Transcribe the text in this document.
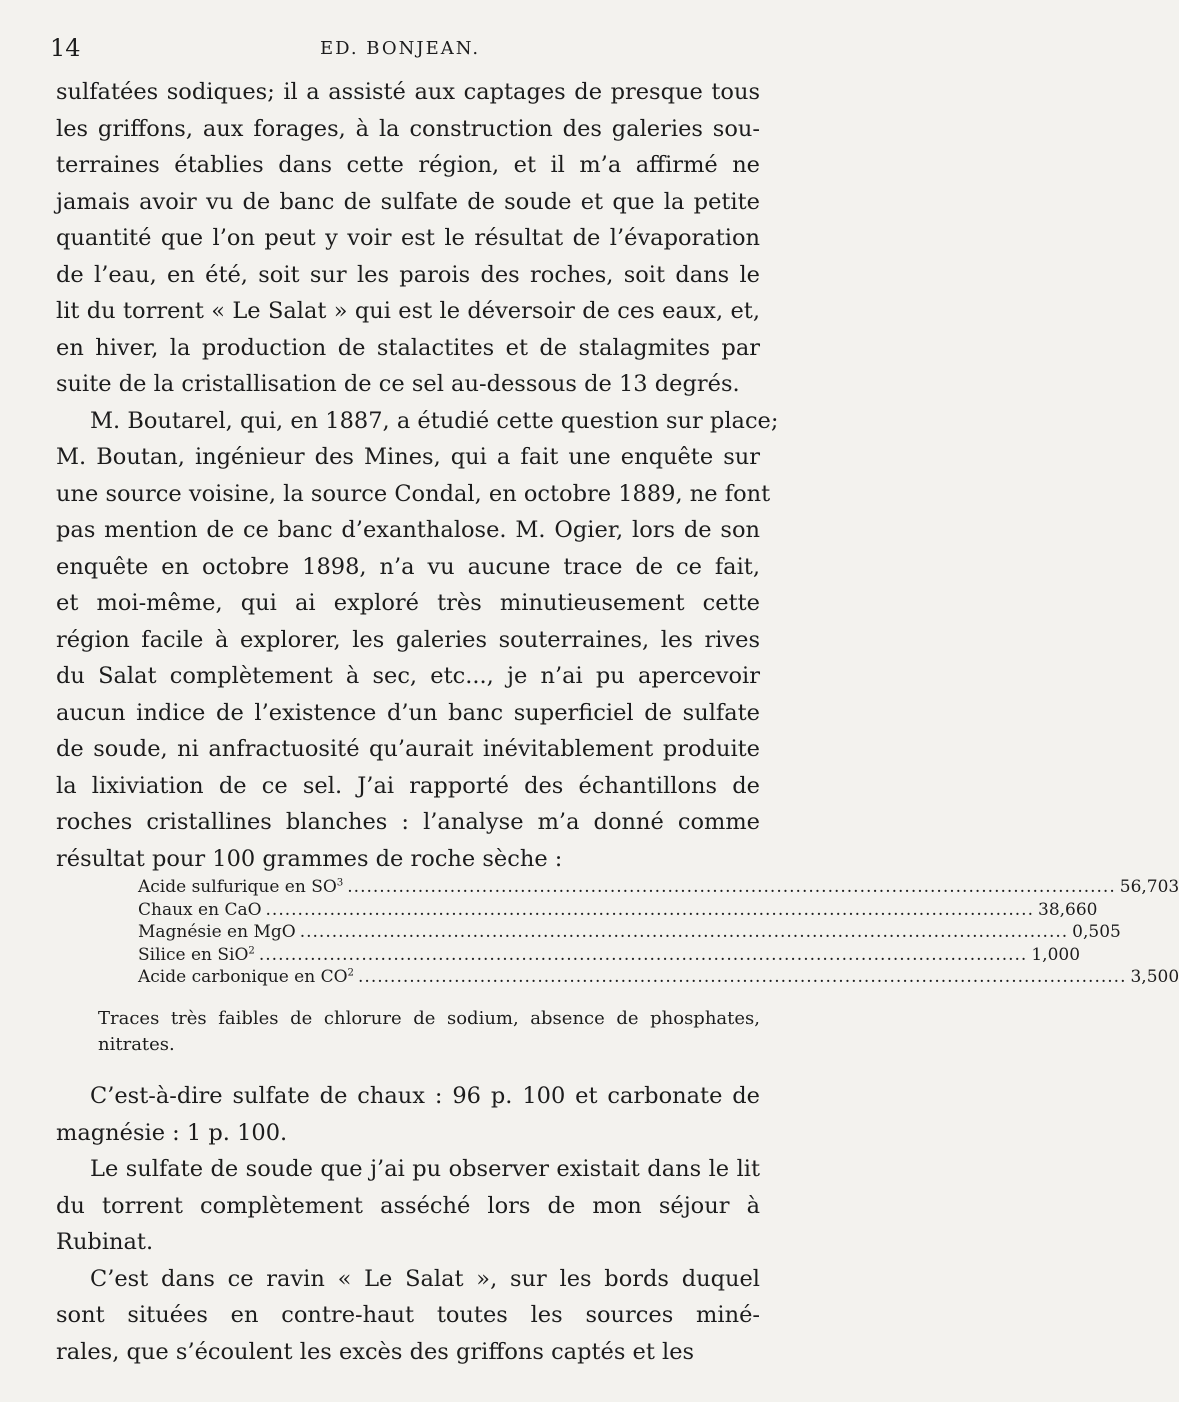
14	ED. BONJEAN.
sulfatées sodiques; il a assisté aux captages de presque tous
les griffons, aux forages, à la construction des galeries sou-
terraines établies dans cette région, et il m’a affirmé ne
jamais avoir vu de banc de sulfate de soude et que la petite
quantité que l’on peut y voir est le résultat de l’évaporation
de l’eau, en été, soit sur les parois des roches, soit dans le
lit du torrent « Le Salat » qui est le déversoir de ces eaux, et,
en hiver, la production de stalactites et de stalagmites par
suite de la cristallisation de ce sel au-dessous de 13 degrés.
M. Boutarel, qui, en 1887, a étudié cette question sur place;
M. Boutan, ingénieur des Mines, qui a fait une enquête sur
une source voisine, la source Condal, en octobre 1889, ne font
pas mention de ce banc d’exanthalose. M. Ogier, lors de son
enquête en octobre 1898, n’a vu aucune trace de ce fait,
et moi-même, qui ai exploré très minutieusement cette
région facile à explorer, les galeries souterraines, les rives
du Salat complètement à sec, etc..., je n’ai pu apercevoir
aucun indice de l’existence d’un banc superficiel de sulfate
de soude, ni anfractuosité qu’aurait inévitablement produite
la lixiviation de ce sel. J’ai rapporté des échantillons de
roches cristallines blanches : l’analyse m’a donné comme
résultat pour 100 grammes de roche sèche :
Acide sulfurique en $SO^3$ ........................................................................................................................ 56,703
Chaux en CaO ........................................................................................................................ 38,660
Magnésie en MgO ........................................................................................................................ 0,505
Silice en SiO$^2$ ........................................................................................................................ 1,000
Acide carbonique en $CO^2$ ........................................................................................................................ 3,500
Traces très faibles de chlorure de sodium, absence de phosphates,
nitrates.
C’est-à-dire sulfate de chaux : 96 p. 100 et carbonate de
magnésie : 1 p. 100.
Le sulfate de soude que j’ai pu observer existait dans le lit
du torrent complètement asséché lors de mon séjour à
Rubinat.
C’est dans ce ravin « Le Salat », sur les bords duquel
sont situées en contre-haut toutes les sources miné-
rales, que s’écoulent les excès des griffons captés et les
